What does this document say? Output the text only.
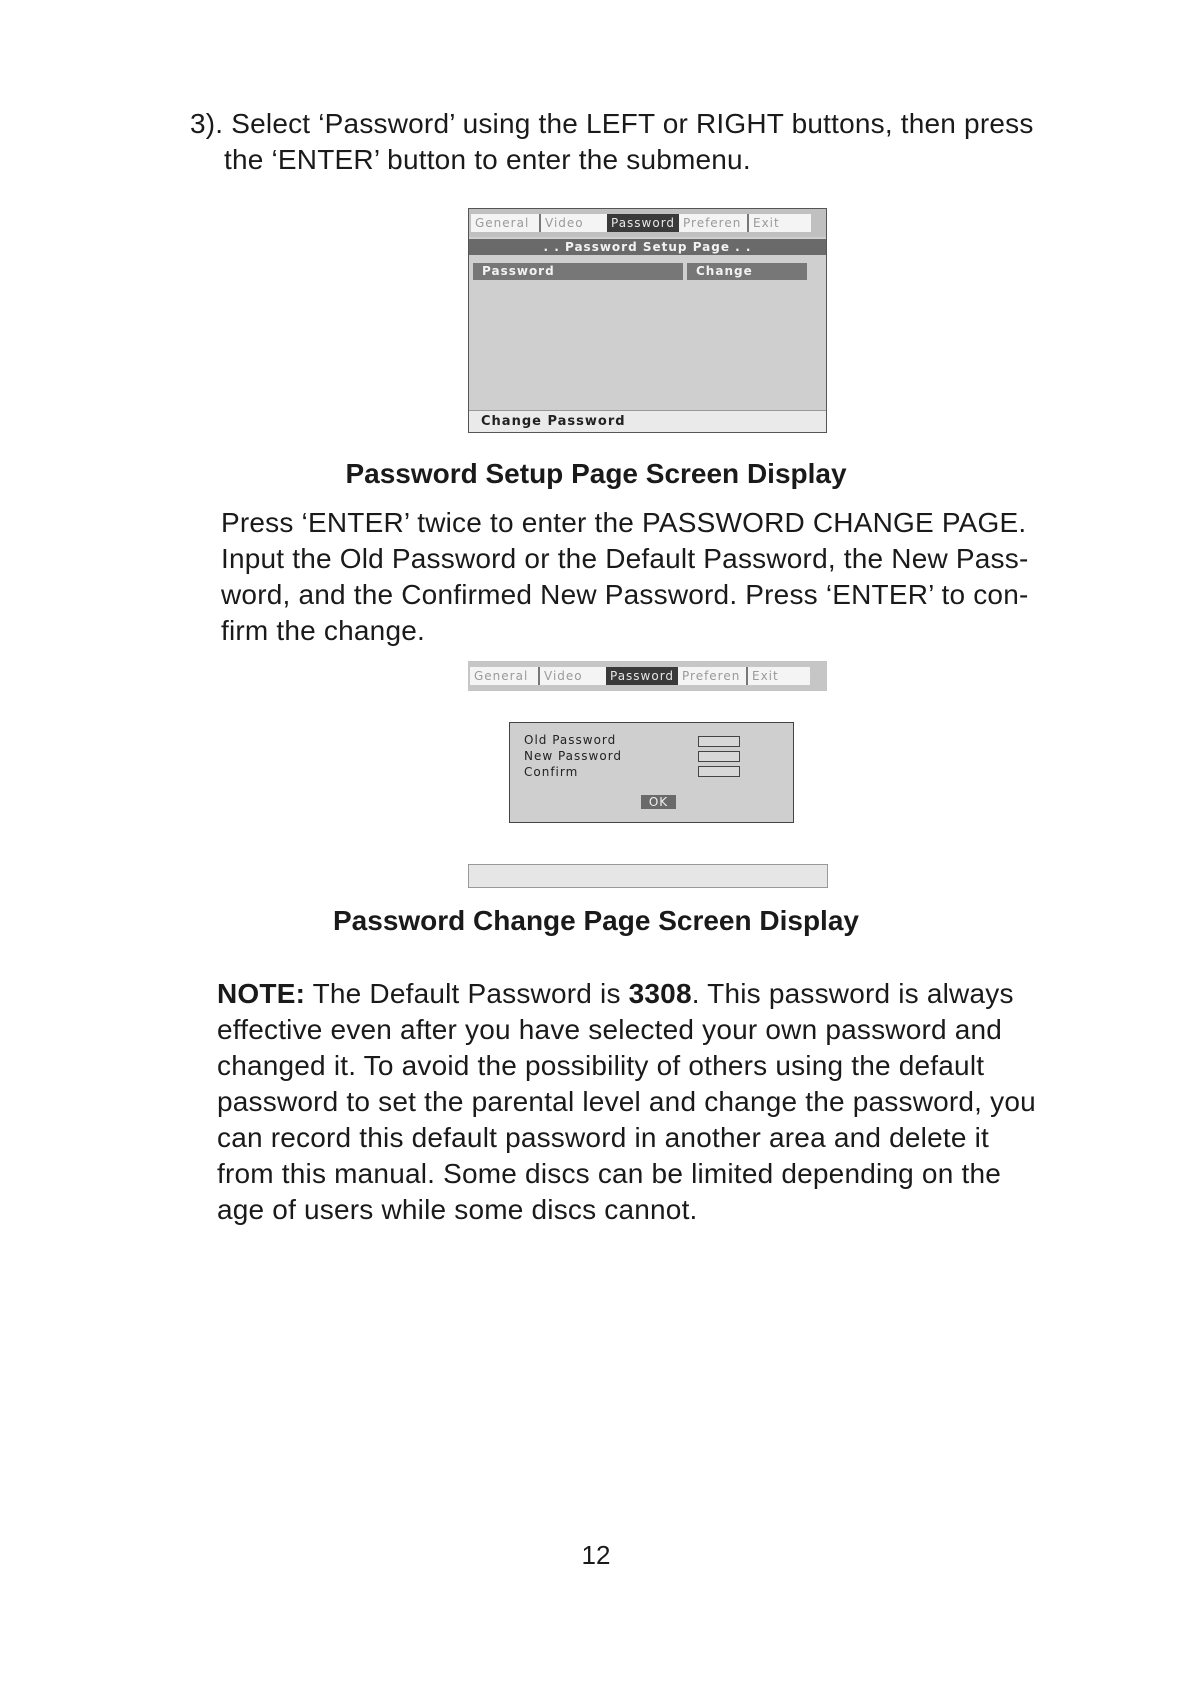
3). Select ‘Password’ using the LEFT or RIGHT buttons, then press
the ‘ENTER’ button to enter the submenu.
General	Video	Password Preferen Exit
. . Password Setup Page . .
Password	Change
Change Password
Password Setup Page Screen Display
Press ‘ENTER’ twice to enter the PASSWORD CHANGE PAGE.
Input the Old Password or the Default Password, the New Pass-
word, and the Confirmed New Password. Press ‘ENTER’ to con-
firm the change.
General	Video	Password Preferen Exit
Old Password
New Password
Confirm
OK
Password Change Page Screen Display
NOTE: The Default Password is 3308. This password is always
effective even after you have selected your own password and
changed it. To avoid the possibility of others using the default
password to set the parental level and change the password, you
can record this default password in another area and delete it
from this manual. Some discs can be limited depending on the
age of users while some discs cannot.
12
